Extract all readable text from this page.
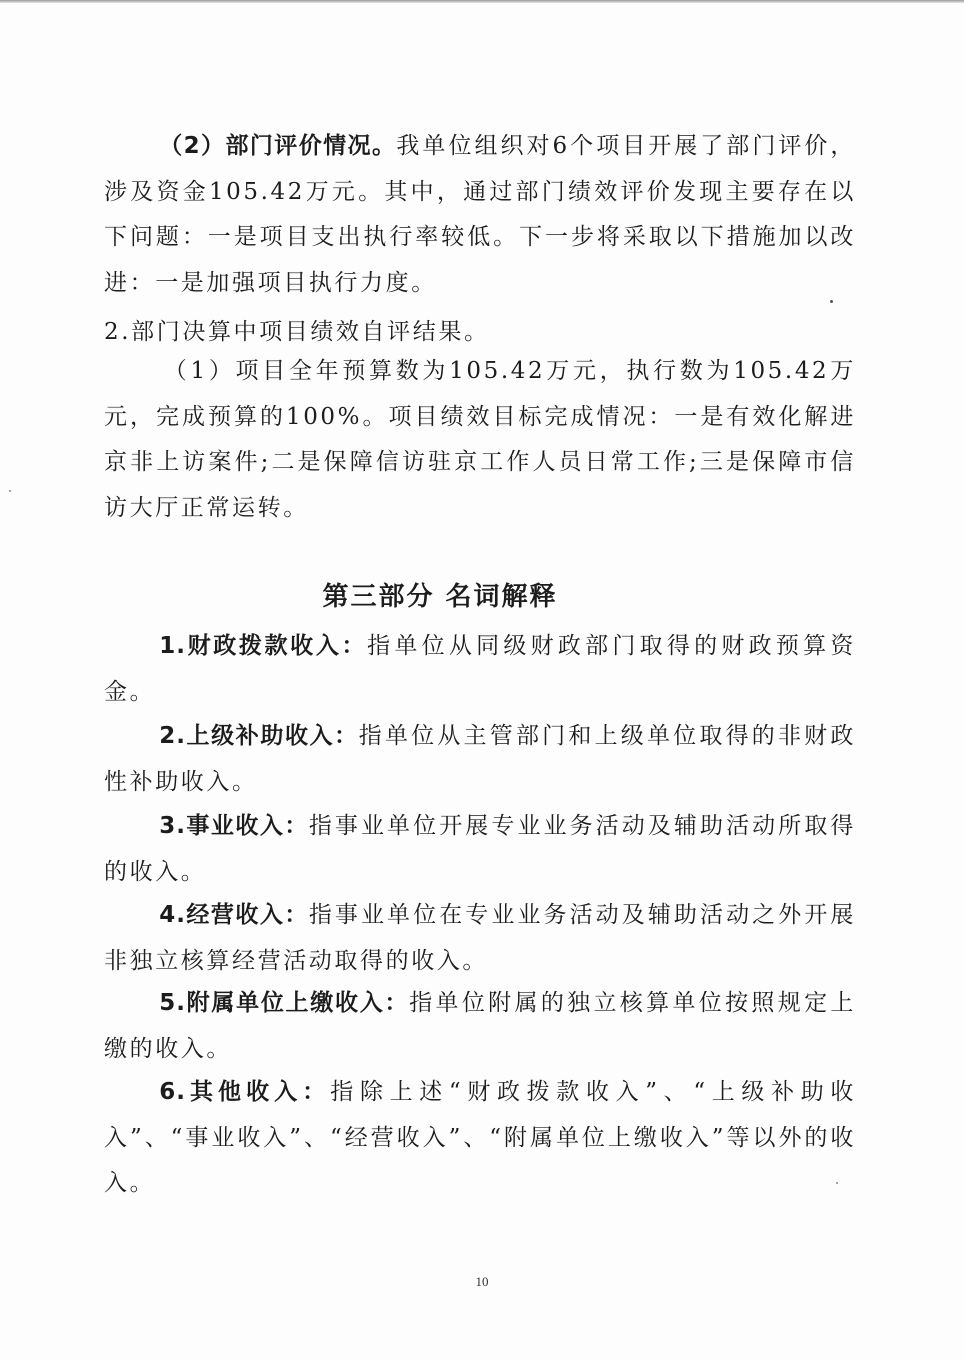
（2）部门评价情况。我单位组织对6个项目开展了部门评价，涉及资金105.42万元。其中，通过部门绩效评价发现主要存在以下问题：一是项目支出执行率较低。下一步将采取以下措施加以改进：一是加强项目执行力度。

2.部门决算中项目绩效自评结果。

（1）项目全年预算数为105.42万元，执行数为105.42万元，完成预算的100%。项目绩效目标完成情况：一是有效化解进京非上访案件;二是保障信访驻京工作人员日常工作;三是保障市信访大厅正常运转。

第三部分 名词解释

1.财政拨款收入：指单位从同级财政部门取得的财政预算资金。

2.上级补助收入：指单位从主管部门和上级单位取得的非财政性补助收入。

3.事业收入：指事业单位开展专业业务活动及辅助活动所取得的收入。

4.经营收入：指事业单位在专业业务活动及辅助活动之外开展非独立核算经营活动取得的收入。

5.附属单位上缴收入：指单位附属的独立核算单位按照规定上缴的收入。

6.其他收入：指除上述“财政拨款收入”、“上级补助收入”、“事业收入”、“经营收入”、“附属单位上缴收入”等以外的收入。

10
